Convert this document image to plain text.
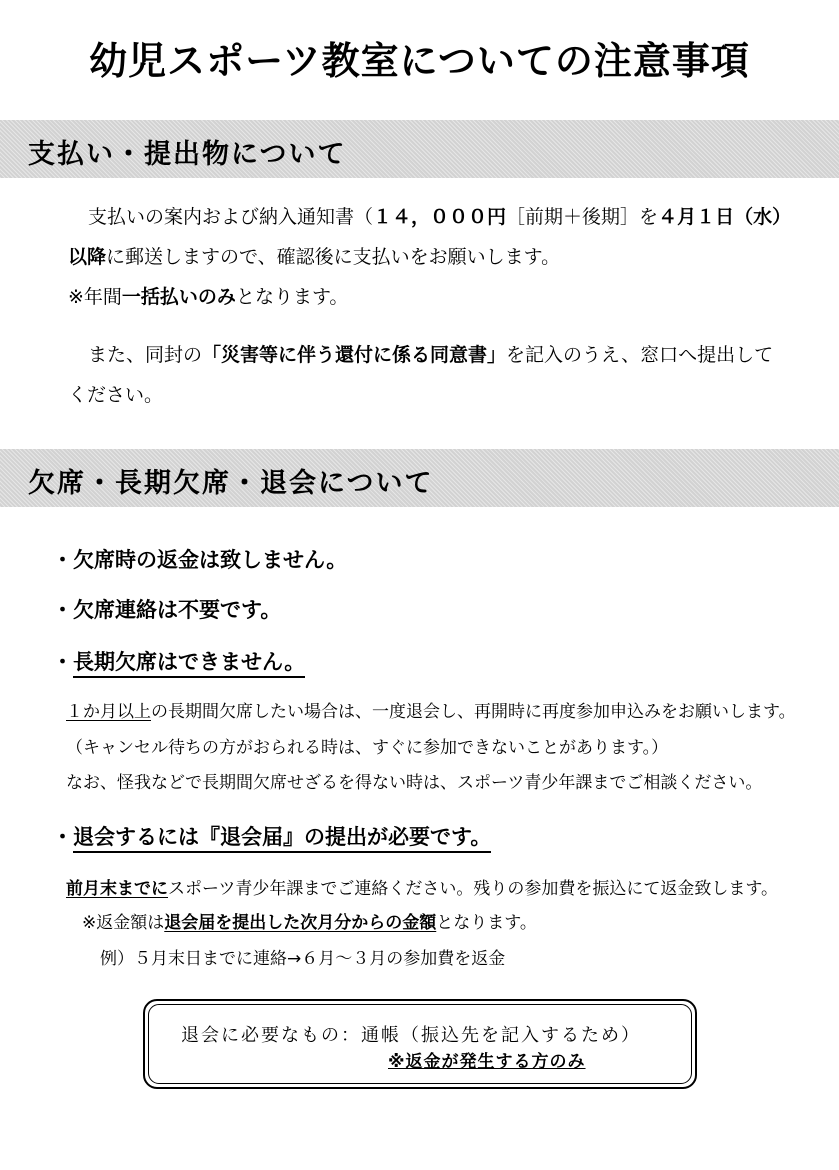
幼児スポーツ教室についての注意事項
支払い・提出物について
支払いの案内および納入通知書（１４，０００円［前期＋後期］を４月１日（水）
以降に郵送しますので、確認後に支払いをお願いします。
※年間一括払いのみとなります。
また、同封の「災害等に伴う還付に係る同意書」を記入のうえ、窓口へ提出して
ください。
欠席・長期欠席・退会について
・欠席時の返金は致しません。
・欠席連絡は不要です。
・長期欠席はできません。
１か月以上の長期間欠席したい場合は、一度退会し、再開時に再度参加申込みをお願いします。
（キャンセル待ちの方がおられる時は、すぐに参加できないことがあります。）
なお、怪我などで長期間欠席せざるを得ない時は、スポーツ青少年課までご相談ください。
・退会するには『退会届』の提出が必要です。
前月末までにスポーツ青少年課までご連絡ください。残りの参加費を振込にて返金致します。
※返金額は退会届を提出した次月分からの金額となります。
例）５月末日までに連絡→６月～３月の参加費を返金
退会に必要なもの：通帳（振込先を記入するため）
※返金が発生する方のみ
